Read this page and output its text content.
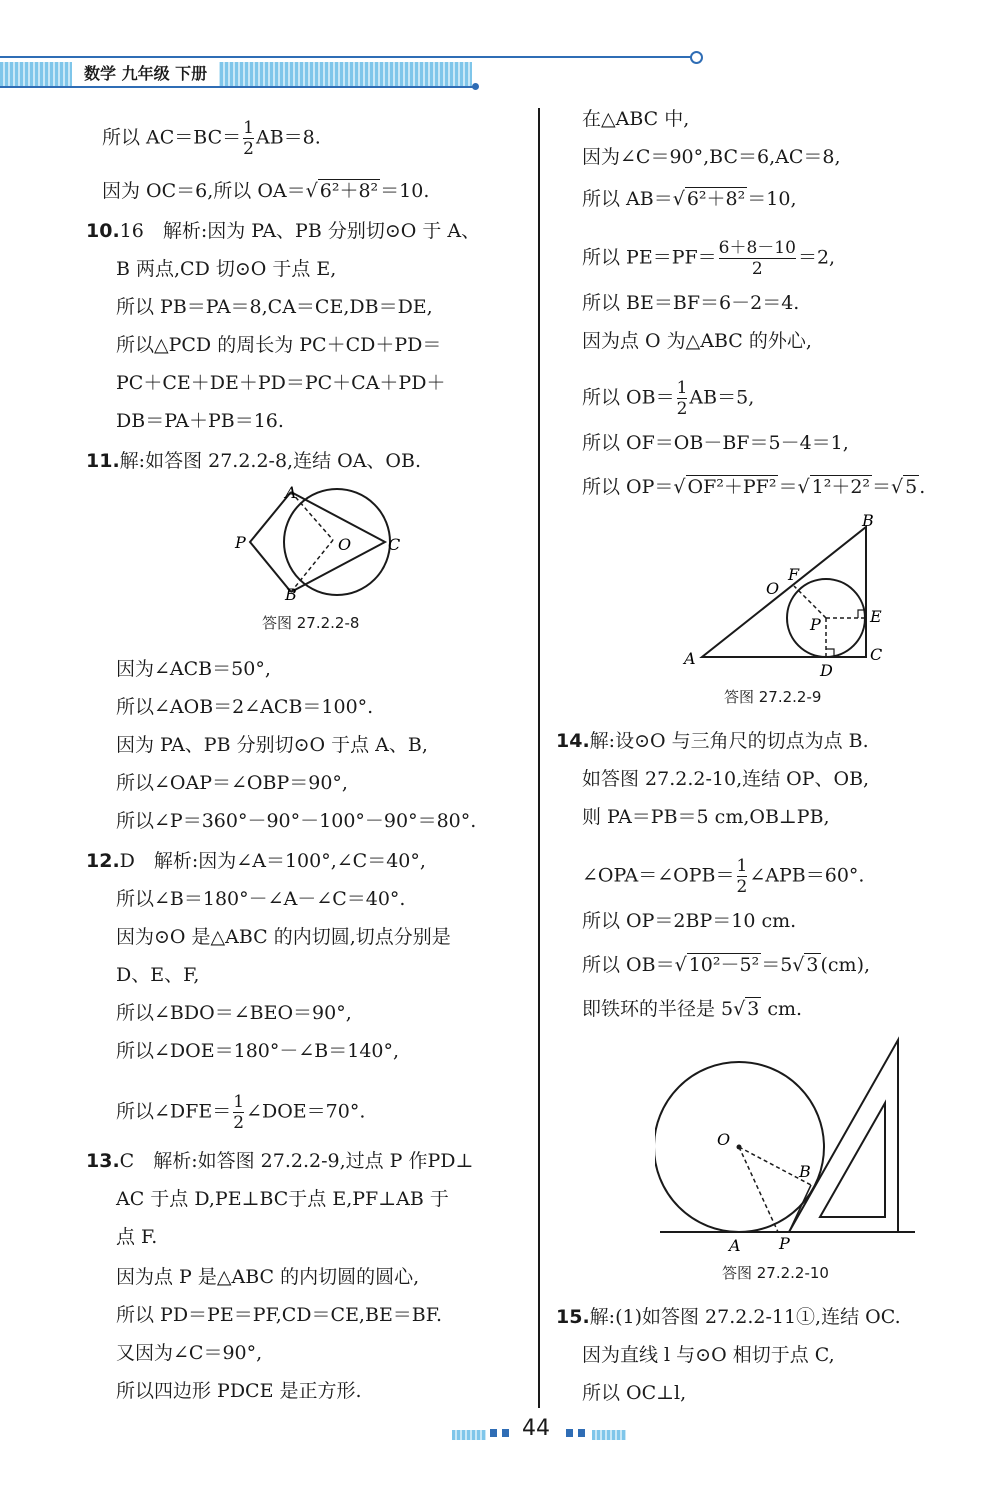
数学 九年级 下册
所以 $AC=BC= \frac{1}{2} AB=8$.
因为 OC＝6,所以 OA＝√ 6²＋8² ＝10.
10.16　解析:因为 PA、PB 分别切⊙O 于 A、
B 两点,CD 切⊙O 于点 E,
所以 PB＝PA＝8,CA＝CE,DB＝DE,
所以△PCD 的周长为 PC＋CD＋PD＝
PC＋CE＋DE＋PD＝PC＋CA＋PD＋
DB＝PA＋PB＝16.
11.解:如答图 27.2.2-8,连结 OA、OB.
A
P	O C
B
答图 27.2.2-8
因为∠ACB＝50°,
所以∠AOB＝2∠ACB＝100°.
因为 PA、PB 分别切⊙O 于点 A、B,
所以∠OAP＝∠OBP＝90°,
所以∠P＝360°－90°－100°－90°＝80°.
12.D　解析:因为∠A＝100°,∠C＝40°,
所以∠B＝180°－∠A－∠C＝40°.
因为⊙O 是△ABC 的内切圆,切点分别是
D、E、F,
所以∠BDO＝∠BEO＝90°,
所以∠DOE＝180°－∠B＝140°,
所以∠DFE＝ $\frac{1}{2}$ ∠DOE＝70°.
13.C　解析:如答图 27.2.2-9,过点 P 作PD⊥
AC 于点 D,PE⊥BC于点 E,PF⊥AB 于
点 F.
因为点 P 是△ABC 的内切圆的圆心,
所以 PD＝PE＝PF,CD＝CE,BE＝BF.
又因为∠C＝90°,
所以四边形 PDCE 是正方形.
在△ABC 中,
因为∠C＝90°,BC＝6,AC＝8,
所以 AB＝√ 6²＋8² ＝10,
所以 $PE=PF= \frac{6+8-10}{2} =2$,
所以 BE＝BF＝6－2＝4.
因为点 O 为△ABC 的外心,
所以 $OB= \frac{1}{2} AB=5$,
所以 OF＝OB－BF＝5－4＝1,
所以 OP＝√ OF²＋PF² ＝√ 1²＋2² ＝√ 5 .
B
F
O
P	E
A	C
D
答图 27.2.2-9
14.解:设⊙O 与三角尺的切点为点 B.
如答图 27.2.2-10,连结 OP、OB,
则 PA＝PB＝5 cm,OB⊥PB,
∠OPA＝∠OPB＝ $\frac{1}{2}$ ∠APB＝60°.
所以 OP＝2BP＝10 cm.
所以 OB＝√ 10²－5² ＝5√ 3 (cm),
即铁环的半径是 5√ 3 cm.
O
B
A P
答图 27.2.2-10
15.解:(1)如答图 27.2.2-11①,连结 OC.
因为直线 l 与⊙O 相切于点 C,
所以 OC⊥l,
44
